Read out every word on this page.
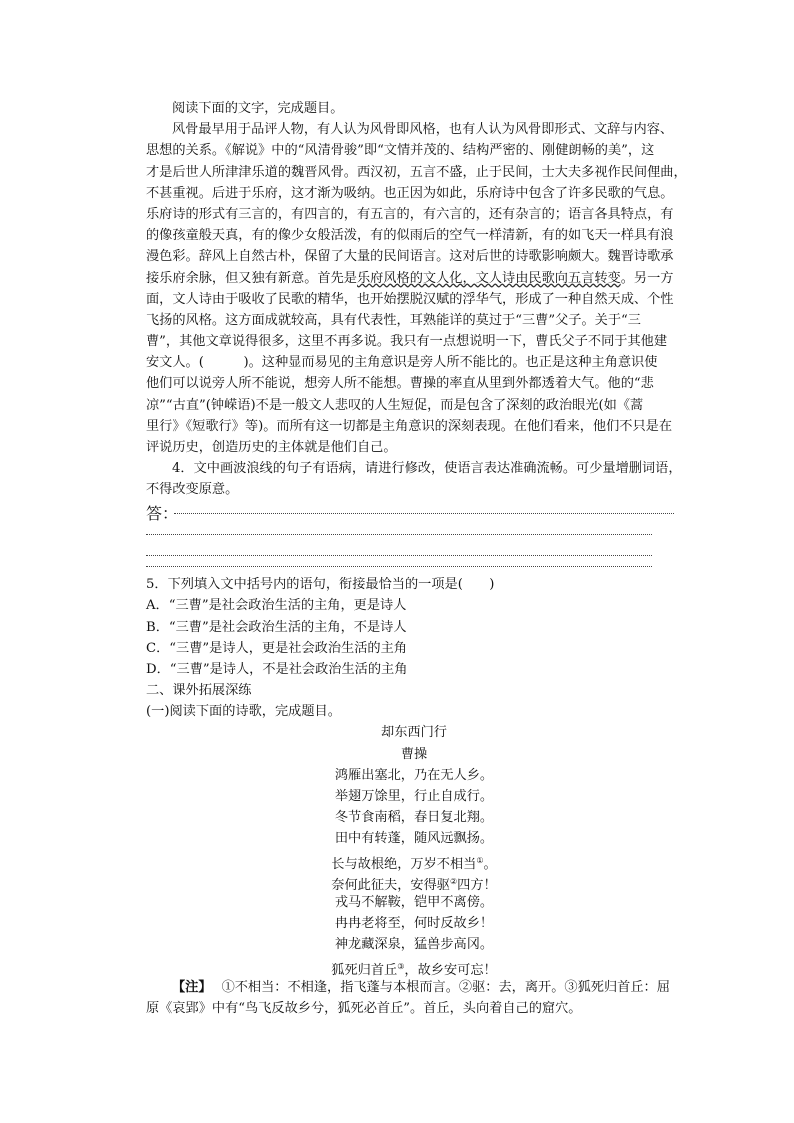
阅读下面的文字，完成题目。
风骨最早用于品评人物，有人认为风骨即风格，也有人认为风骨即形式、文辞与内容、
思想的关系。《解说》中的“风清骨骏”即“文情并茂的、结构严密的、刚健朗畅的美”，这
才是后世人所津津乐道的魏晋风骨。西汉初，五言不盛，止于民间，士大夫多视作民间俚曲，
不甚重视。后进于乐府，这才渐为吸纳。也正因为如此，乐府诗中包含了许多民歌的气息。
乐府诗的形式有三言的，有四言的，有五言的，有六言的，还有杂言的；语言各具特点，有
的像孩童般天真，有的像少女般活泼，有的似雨后的空气一样清新，有的如飞天一样具有浪
漫色彩。辞风上自然古朴，保留了大量的民间语言。这对后世的诗歌影响颇大。魏晋诗歌承
接乐府余脉，但又独有新意。首先是乐府风格的文人化，文人诗由民歌向五言转变。另一方
面，文人诗由于吸收了民歌的精华，也开始摆脱汉赋的浮华气，形成了一种自然天成、个性
飞扬的风格。这方面成就较高，具有代表性，耳熟能详的莫过于“三曹”父子。关于“三
曹”，其他文章说得很多，这里不再多说。我只有一点想说明一下，曹氏父子不同于其他建
安文人。(　　　)。这种显而易见的主角意识是旁人所不能比的。也正是这种主角意识使
他们可以说旁人所不能说，想旁人所不能想。曹操的率直从里到外都透着大气。他的“悲
凉”“古直”(钟嵘语)不是一般文人悲叹的人生短促，而是包含了深刻的政治眼光(如《蒿
里行》《短歌行》等)。而所有这一切都是主角意识的深刻表现。在他们看来，他们不只是在
评说历史，创造历史的主体就是他们自己。
4．文中画波浪线的句子有语病，请进行修改，使语言表达准确流畅。可少量增删词语，
不得改变原意。
答：
5．下列填入文中括号内的语句，衔接最恰当的一项是(　　)
A．“三曹”是社会政治生活的主角，更是诗人
B．“三曹”是社会政治生活的主角，不是诗人
C．“三曹”是诗人，更是社会政治生活的主角
D．“三曹”是诗人，不是社会政治生活的主角
二、课外拓展深练
(一)阅读下面的诗歌，完成题目。
却东西门行
曹操
鸿雁出塞北，乃在无人乡。
举翅万馀里，行止自成行。
冬节食南稻，春日复北翔。
田中有转蓬，随风远飘扬。
长与故根绝，万岁不相当①。
奈何此征夫，安得驱②四方！
戎马不解鞍，铠甲不离傍。
冉冉老将至，何时反故乡！
神龙藏深泉，猛兽步高冈。
狐死归首丘③，故乡安可忘！
【注】 ①不相当：不相逢，指飞蓬与本根而言。②驱：去，离开。③狐死归首丘：屈
原《哀郢》中有“鸟飞反故乡兮，狐死必首丘”。首丘，头向着自己的窟穴。
